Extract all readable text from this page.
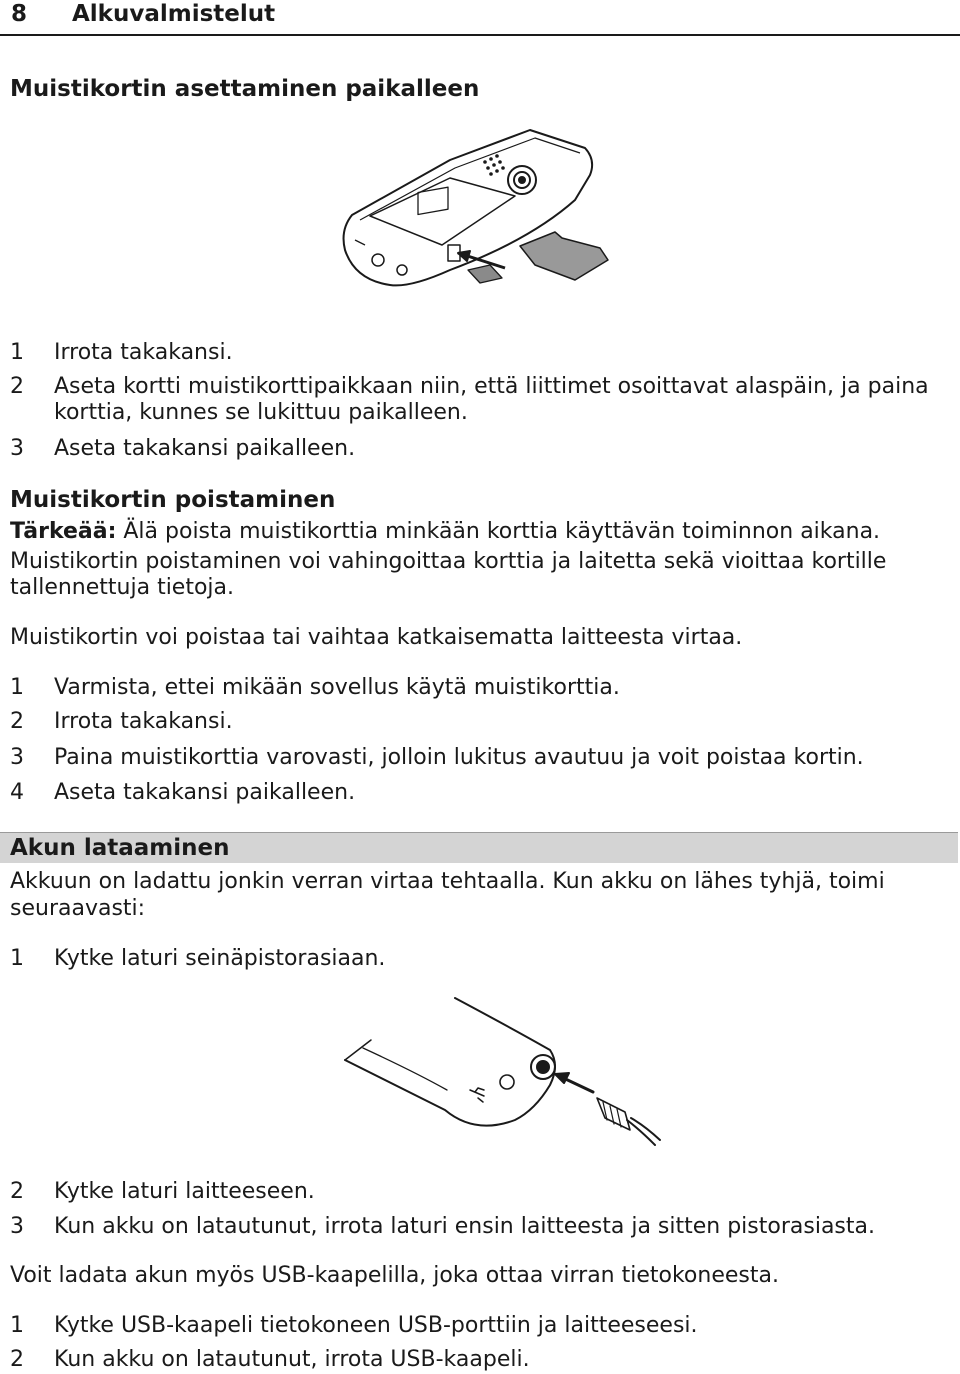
8 Alkuvalmistelut
Muistikortin asettaminen paikalleen
1 Irrota takakansi.
2 Aseta kortti muistikorttipaikkaan niin, että liittimet osoittavat alaspäin, ja paina
korttia, kunnes se lukittuu paikalleen.
3 Aseta takakansi paikalleen.
Muistikortin poistaminen
Tärkeää: Älä poista muistikorttia minkään korttia käyttävän toiminnon aikana.
Muistikortin poistaminen voi vahingoittaa korttia ja laitetta sekä vioittaa kortille
tallennettuja tietoja.
Muistikortin voi poistaa tai vaihtaa katkaisematta laitteesta virtaa.
1 Varmista, ettei mikään sovellus käytä muistikorttia.
2 Irrota takakansi.
3 Paina muistikorttia varovasti, jolloin lukitus avautuu ja voit poistaa kortin.
4 Aseta takakansi paikalleen.
Akun lataaminen
Akkuun on ladattu jonkin verran virtaa tehtaalla. Kun akku on lähes tyhjä, toimi
seuraavasti:
1 Kytke laturi seinäpistorasiaan.
2 Kytke laturi laitteeseen.
3 Kun akku on latautunut, irrota laturi ensin laitteesta ja sitten pistorasiasta.
Voit ladata akun myös USB-kaapelilla, joka ottaa virran tietokoneesta.
1 Kytke USB-kaapeli tietokoneen USB-porttiin ja laitteeseesi.
2 Kun akku on latautunut, irrota USB-kaapeli.
